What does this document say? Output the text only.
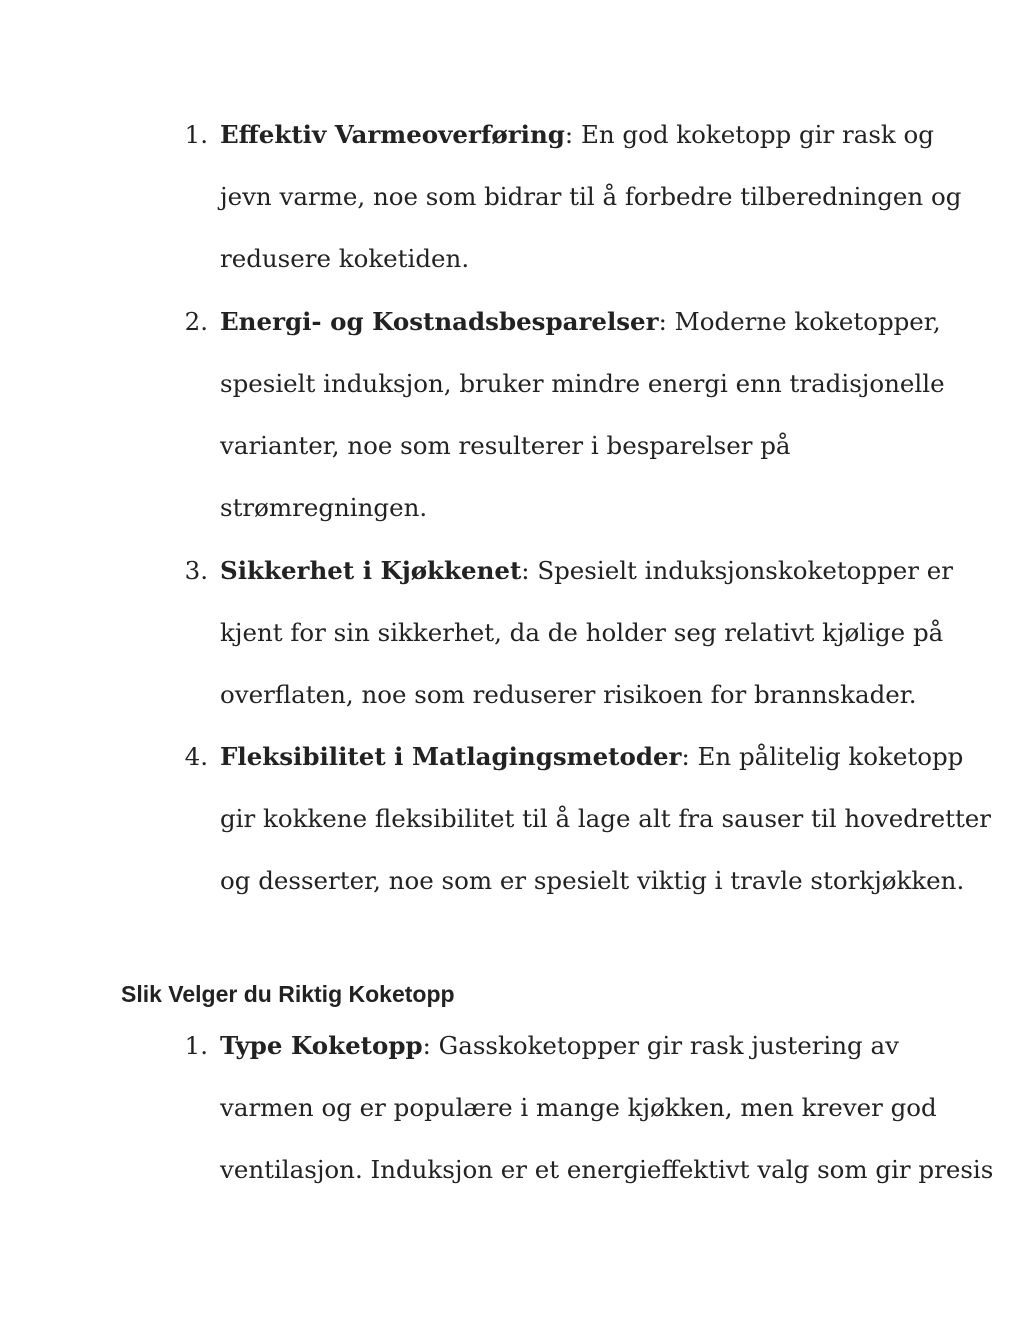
1. Effektiv Varmeoverføring: En god koketopp gir rask og
jevn varme, noe som bidrar til å forbedre tilberedningen og
redusere koketiden.
2. Energi- og Kostnadsbesparelser: Moderne koketopper,
spesielt induksjon, bruker mindre energi enn tradisjonelle
varianter, noe som resulterer i besparelser på
strømregningen.
3. Sikkerhet i Kjøkkenet: Spesielt induksjonskoketopper er
kjent for sin sikkerhet, da de holder seg relativt kjølige på
overflaten, noe som reduserer risikoen for brannskader.
4. Fleksibilitet i Matlagingsmetoder: En pålitelig koketopp
gir kokkene fleksibilitet til å lage alt fra sauser til hovedretter
og desserter, noe som er spesielt viktig i travle storkjøkken.
Slik Velger du Riktig Koketopp
1. Type Koketopp: Gasskoketopper gir rask justering av
varmen og er populære i mange kjøkken, men krever god
ventilasjon. Induksjon er et energieffektivt valg som gir presis
